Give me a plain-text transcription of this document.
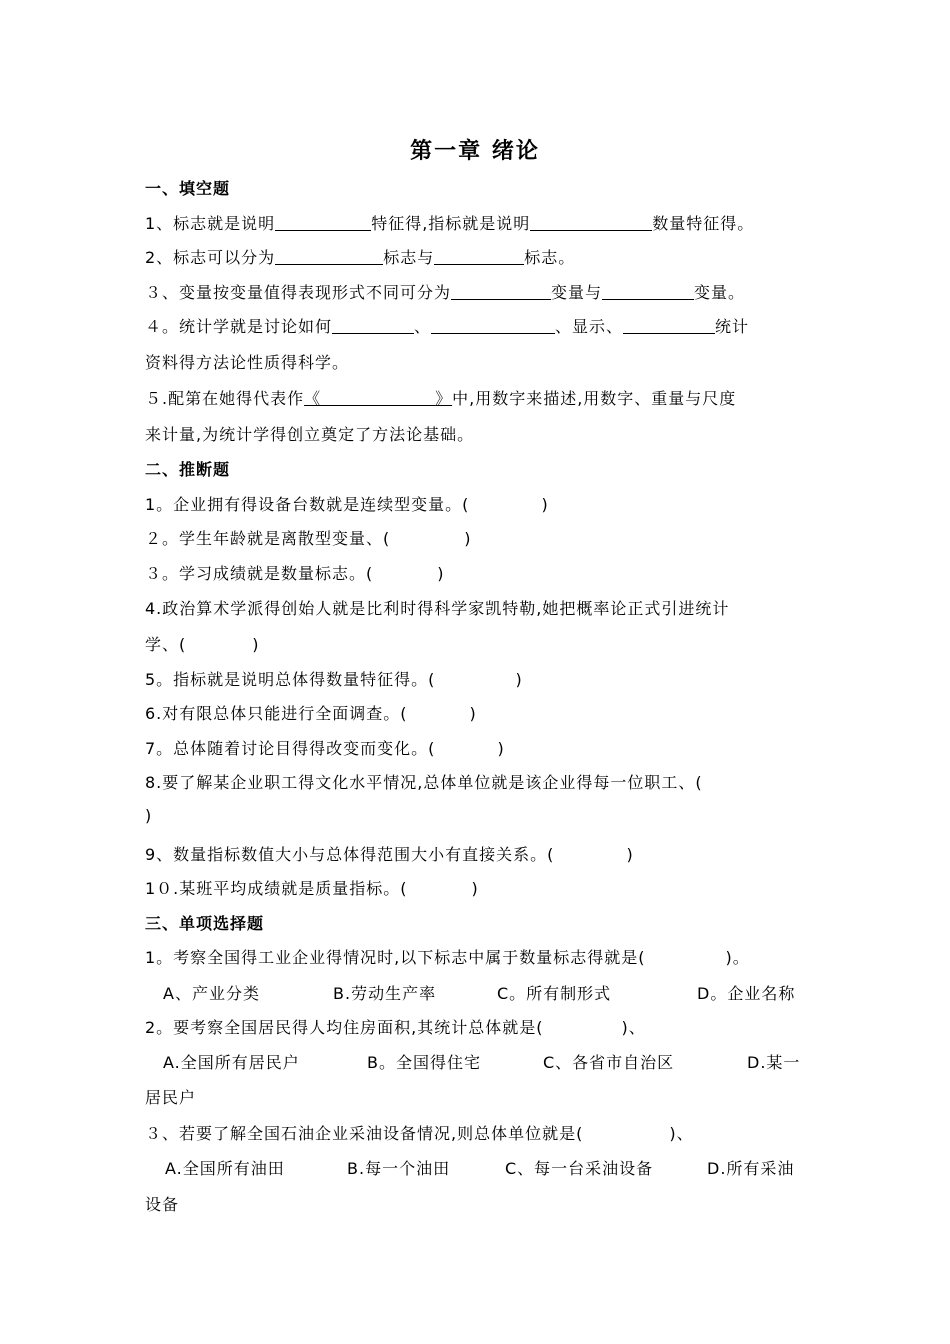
第一章 绪论
一、填空题
1、标志就是说明	特征得,指标就是说明	数量特征得。
2、标志可以分为	标志与	标志。
３、变量按变量值得表现形式不同可分为	变量与	变量。
４。统计学就是讨论如何	、	、显示、	统计
资料得方法论性质得科学。
５.配第在她得代表作《	》中,用数字来描述,用数字、重量与尺度
来计量,为统计学得创立奠定了方法论基础。
二、推断题
1。企业拥有得设备台数就是连续型变量。(	)
２。学生年龄就是离散型变量、(	)
３。学习成绩就是数量标志。(	)
4.政治算术学派得创始人就是比利时得科学家凯特勒,她把概率论正式引进统计
学、(	)
5。指标就是说明总体得数量特征得。(	)
6.对有限总体只能进行全面调查。(	)
7。总体随着讨论目得得改变而变化。(	)
8.要了解某企业职工得文化水平情况,总体单位就是该企业得每一位职工、(
)
9、数量指标数值大小与总体得范围大小有直接关系。(	)
1０.某班平均成绩就是质量指标。(	)
三、单项选择题
1。考察全国得工业企业得情况时,以下标志中属于数量标志得就是(	)。
A、产业分类	B.劳动生产率	C。所有制形式	D。企业名称
2。要考察全国居民得人均住房面积,其统计总体就是(	)、
A.全国所有居民户	B。全国得住宅	C、各省市自治区	D.某一
居民户
３、若要了解全国石油企业采油设备情况,则总体单位就是(	)、
A.全国所有油田	B.每一个油田	C、每一台采油设备	D.所有采油
设备
